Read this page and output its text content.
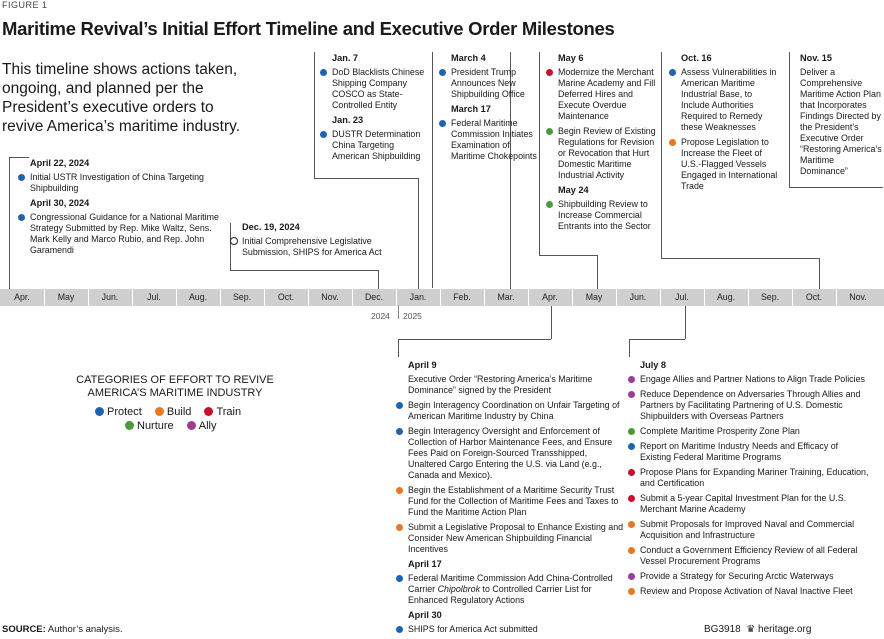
FIGURE 1
Maritime Revival’s Initial Effort Timeline and Executive Order Milestones
This timeline shows actions taken, ongoing, and planned per the President’s executive orders to revive America’s maritime industry.
Apr.	May	Jun.	Jul.	Aug.	Sep.	Oct.	Nov.	Dec.	Jan.	Feb.	Mar.	Apr.	May	Jun.	Jul.	Aug.	Sep.	Oct.	Nov.
2024 2025
April 22, 2024
Initial USTR Investigation of China Targeting Shipbuilding
April 30, 2024
Congressional Guidance for a National Maritime Strategy Submitted by Rep. Mike Waltz, Sens. Mark Kelly and Marco Rubio, and Rep. John Garamendi
Dec. 19, 2024
Initial Comprehensive Legislative Submission, SHIPS for America Act
Jan. 7
DoD Blacklists Chinese Shipping Company COSCO as State-Controlled Entity
Jan. 23
DUSTR Determination China Targeting American Shipbuilding
March 4
President Trump Announces New Shipbuilding Office
March 17
Federal Maritime Commission Initiates Examination of Maritime Chokepoints
May 6
Modernize the Merchant Marine Academy and Fill Deferred Hires and Execute Overdue Maintenance
Begin Review of Existing Regulations for Revision or Revocation that Hurt Domestic Maritime Industrial Activity
May 24
Shipbuilding Review to Increase Commercial Entrants into the Sector
Oct. 16
Assess Vulnerabilities in American Maritime Industrial Base, to Include Authorities Required to Remedy these Weaknesses
Propose Legislation to Increase the Fleet of U.S.-Flagged Vessels Engaged in International Trade
Nov. 15
Deliver a Comprehensive Maritime Action Plan that Incorporates Findings Directed by the President’s Executive Order “Restoring America’s Maritime Dominance”
April 9
Executive Order “Restoring America’s Maritime Dominance” signed by the President
Begin Interagency Coordination on Unfair Targeting of American Maritime Industry by China
Begin Interagency Oversight and Enforcement of Collection of Harbor Maintenance Fees, and Ensure Fees Paid on Foreign-Sourced Transshipped, Unaltered Cargo Entering the U.S. via Land (e.g., Canada and Mexico).
Begin the Establishment of a Maritime Security Trust Fund for the Collection of Maritime Fees and Taxes to Fund the Maritime Action Plan
Submit a Legislative Proposal to Enhance Existing and Consider New American Shipbuilding Financial Incentives
April 17
Federal Maritime Commission Add China-Controlled Carrier Chipolbrok to Controlled Carrier List for Enhanced Regulatory Actions
April 30
SHIPS for America Act submitted
July 8
Engage Allies and Partner Nations to Align Trade Policies
Reduce Dependence on Adversaries Through Allies and Partners by Facilitating Partnering of U.S. Domestic Shipbuilders with Overseas Partners
Complete Maritime Prosperity Zone Plan
Report on Maritime Industry Needs and Efficacy of Existing Federal Maritime Programs
Propose Plans for Expanding Mariner Training, Education, and Certification
Submit a 5-year Capital Investment Plan for the U.S. Merchant Marine Academy
Submit Proposals for Improved Naval and Commercial Acquisition and Infrastructure
Conduct a Government Efficiency Review of all Federal Vessel Procurement Programs
Provide a Strategy for Securing Arctic Waterways
Review and Propose Activation of Naval Inactive Fleet
CATEGORIES OF EFFORT TO REVIVE AMERICA’S MARITIME INDUSTRY
Protect Build Train
Nurture Ally
SOURCE: Author’s analysis.	BG3918 ♛ heritage.org
